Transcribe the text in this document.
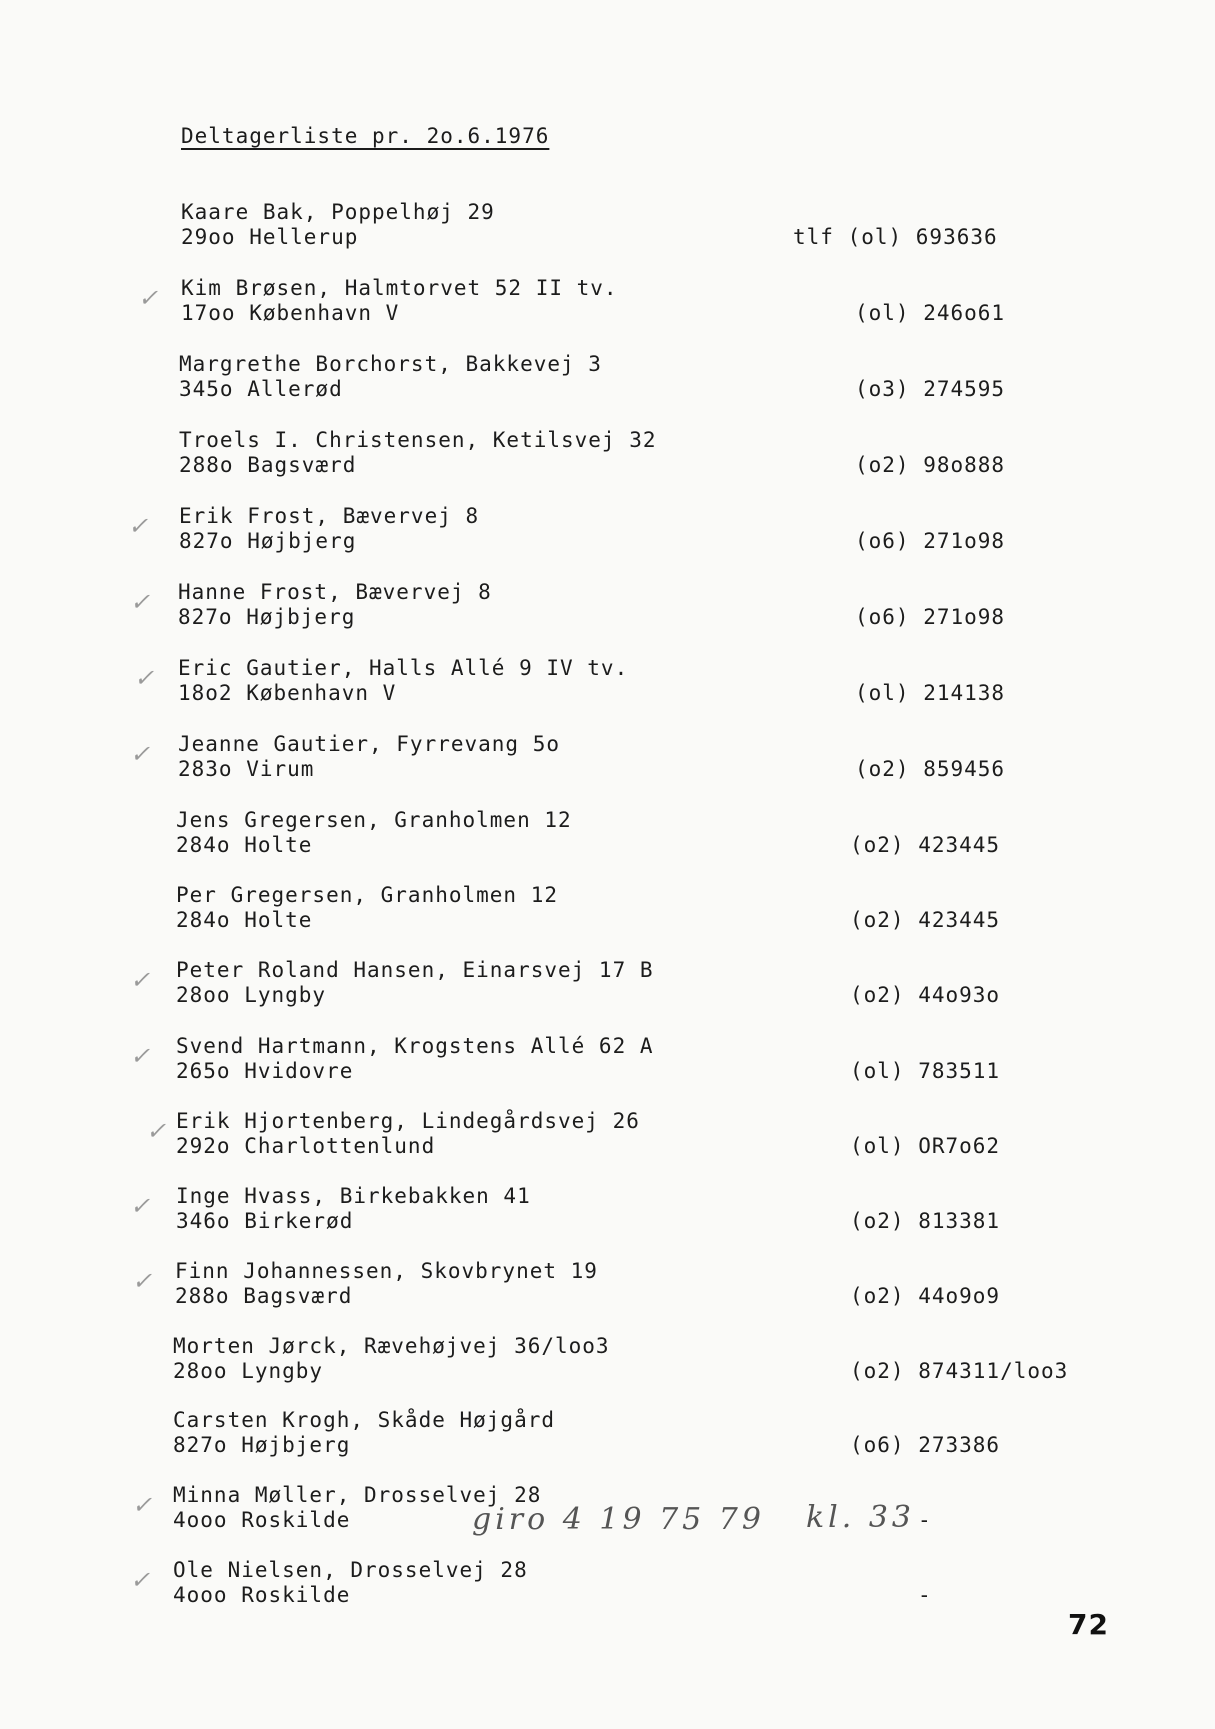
Deltagerliste pr. 2o.6.1976
Kaare Bak, Poppelhøj 29
29oo Hellerup	tlf (ol) 693636
Kim Brøsen, Halmtorvet 52 II tv.
17oo København V	(ol) 246o61
✓
Margrethe Borchorst, Bakkevej 3
345o Allerød	(o3) 274595
Troels I. Christensen, Ketilsvej 32
288o Bagsværd	(o2) 98o888
Erik Frost, Bævervej 8
827o Højbjerg	(o6) 271o98
✓
Hanne Frost, Bævervej 8
827o Højbjerg	(o6) 271o98
✓
Eric Gautier, Halls Allé 9 IV tv.
18o2 København V	(ol) 214138
✓
Jeanne Gautier, Fyrrevang 5o
283o Virum	(o2) 859456
✓
Jens Gregersen, Granholmen 12
284o Holte	(o2) 423445
Per Gregersen, Granholmen 12
284o Holte	(o2) 423445
Peter Roland Hansen, Einarsvej 17 B
28oo Lyngby	(o2) 44o93o
✓
Svend Hartmann, Krogstens Allé 62 A
265o Hvidovre	(ol) 783511
✓
Erik Hjortenberg, Lindegårdsvej 26
292o Charlottenlund	(ol) OR7o62
✓
Inge Hvass, Birkebakken 41
346o Birkerød	(o2) 813381
✓
Finn Johannessen, Skovbrynet 19
288o Bagsværd	(o2) 44o9o9
✓
Morten Jørck, Ræveh​øjvej 36/loo3
28oo Lyngby	(o2) 874311/loo3
Carsten Krogh, Skåde Højgård
827o Højbjerg	(o6) 273386
Minna Møller, Drosselvej 28
4ooo Roskilde	-
✓
Ole Nielsen, Drosselvej 28
4ooo Roskilde	-
✓
giro 4 19 75 79 kl. 33
72
